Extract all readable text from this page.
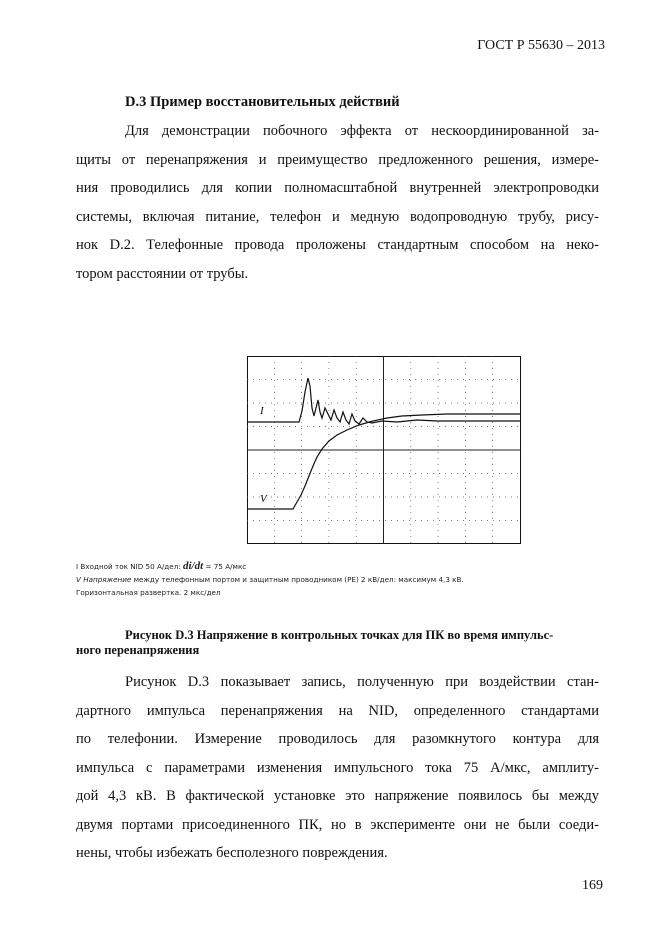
ГОСТ Р 55630 – 2013
D.3 Пример восстановительных действий
Для демонстрации побочного эффекта от нескоординированной за-
щиты от перенапряжения и преимущество предложенного решения, измере-
ния проводились для копии полномасштабной внутренней электропроводки
системы, включая питание, телефон и медную водопроводную трубу, рису-
нок D.2. Телефонные провода проложены стандартным способом на неко-
тором расстоянии от трубы.
I
V
I Входной ток NID 50 А/дел: di/dt = 75 А/мкс
V Напряжение между телефонным портом и защитным проводником (PE) 2 кВ/дел: максимум 4,3 кВ.
Горизонтальная развертка. 2 мкс/дел
Рисунок D.3 Напряжение в контрольных точках для ПК во время импульс-
ного перенапряжения
Рисунок D.3 показывает запись, полученную при воздействии стан-
дартного импульса перенапряжения на NID, определенного стандартами
по телефонии. Измерение проводилось для разомкнутого контура для
импульса с параметрами изменения импульсного тока 75 А/мкс, амплиту-
дой 4,3 кВ. В фактической установке это напряжение появилось бы между
двумя портами присоединенного ПК, но в эксперименте они не были соеди-
нены, чтобы избежать бесполезного повреждения.
169
